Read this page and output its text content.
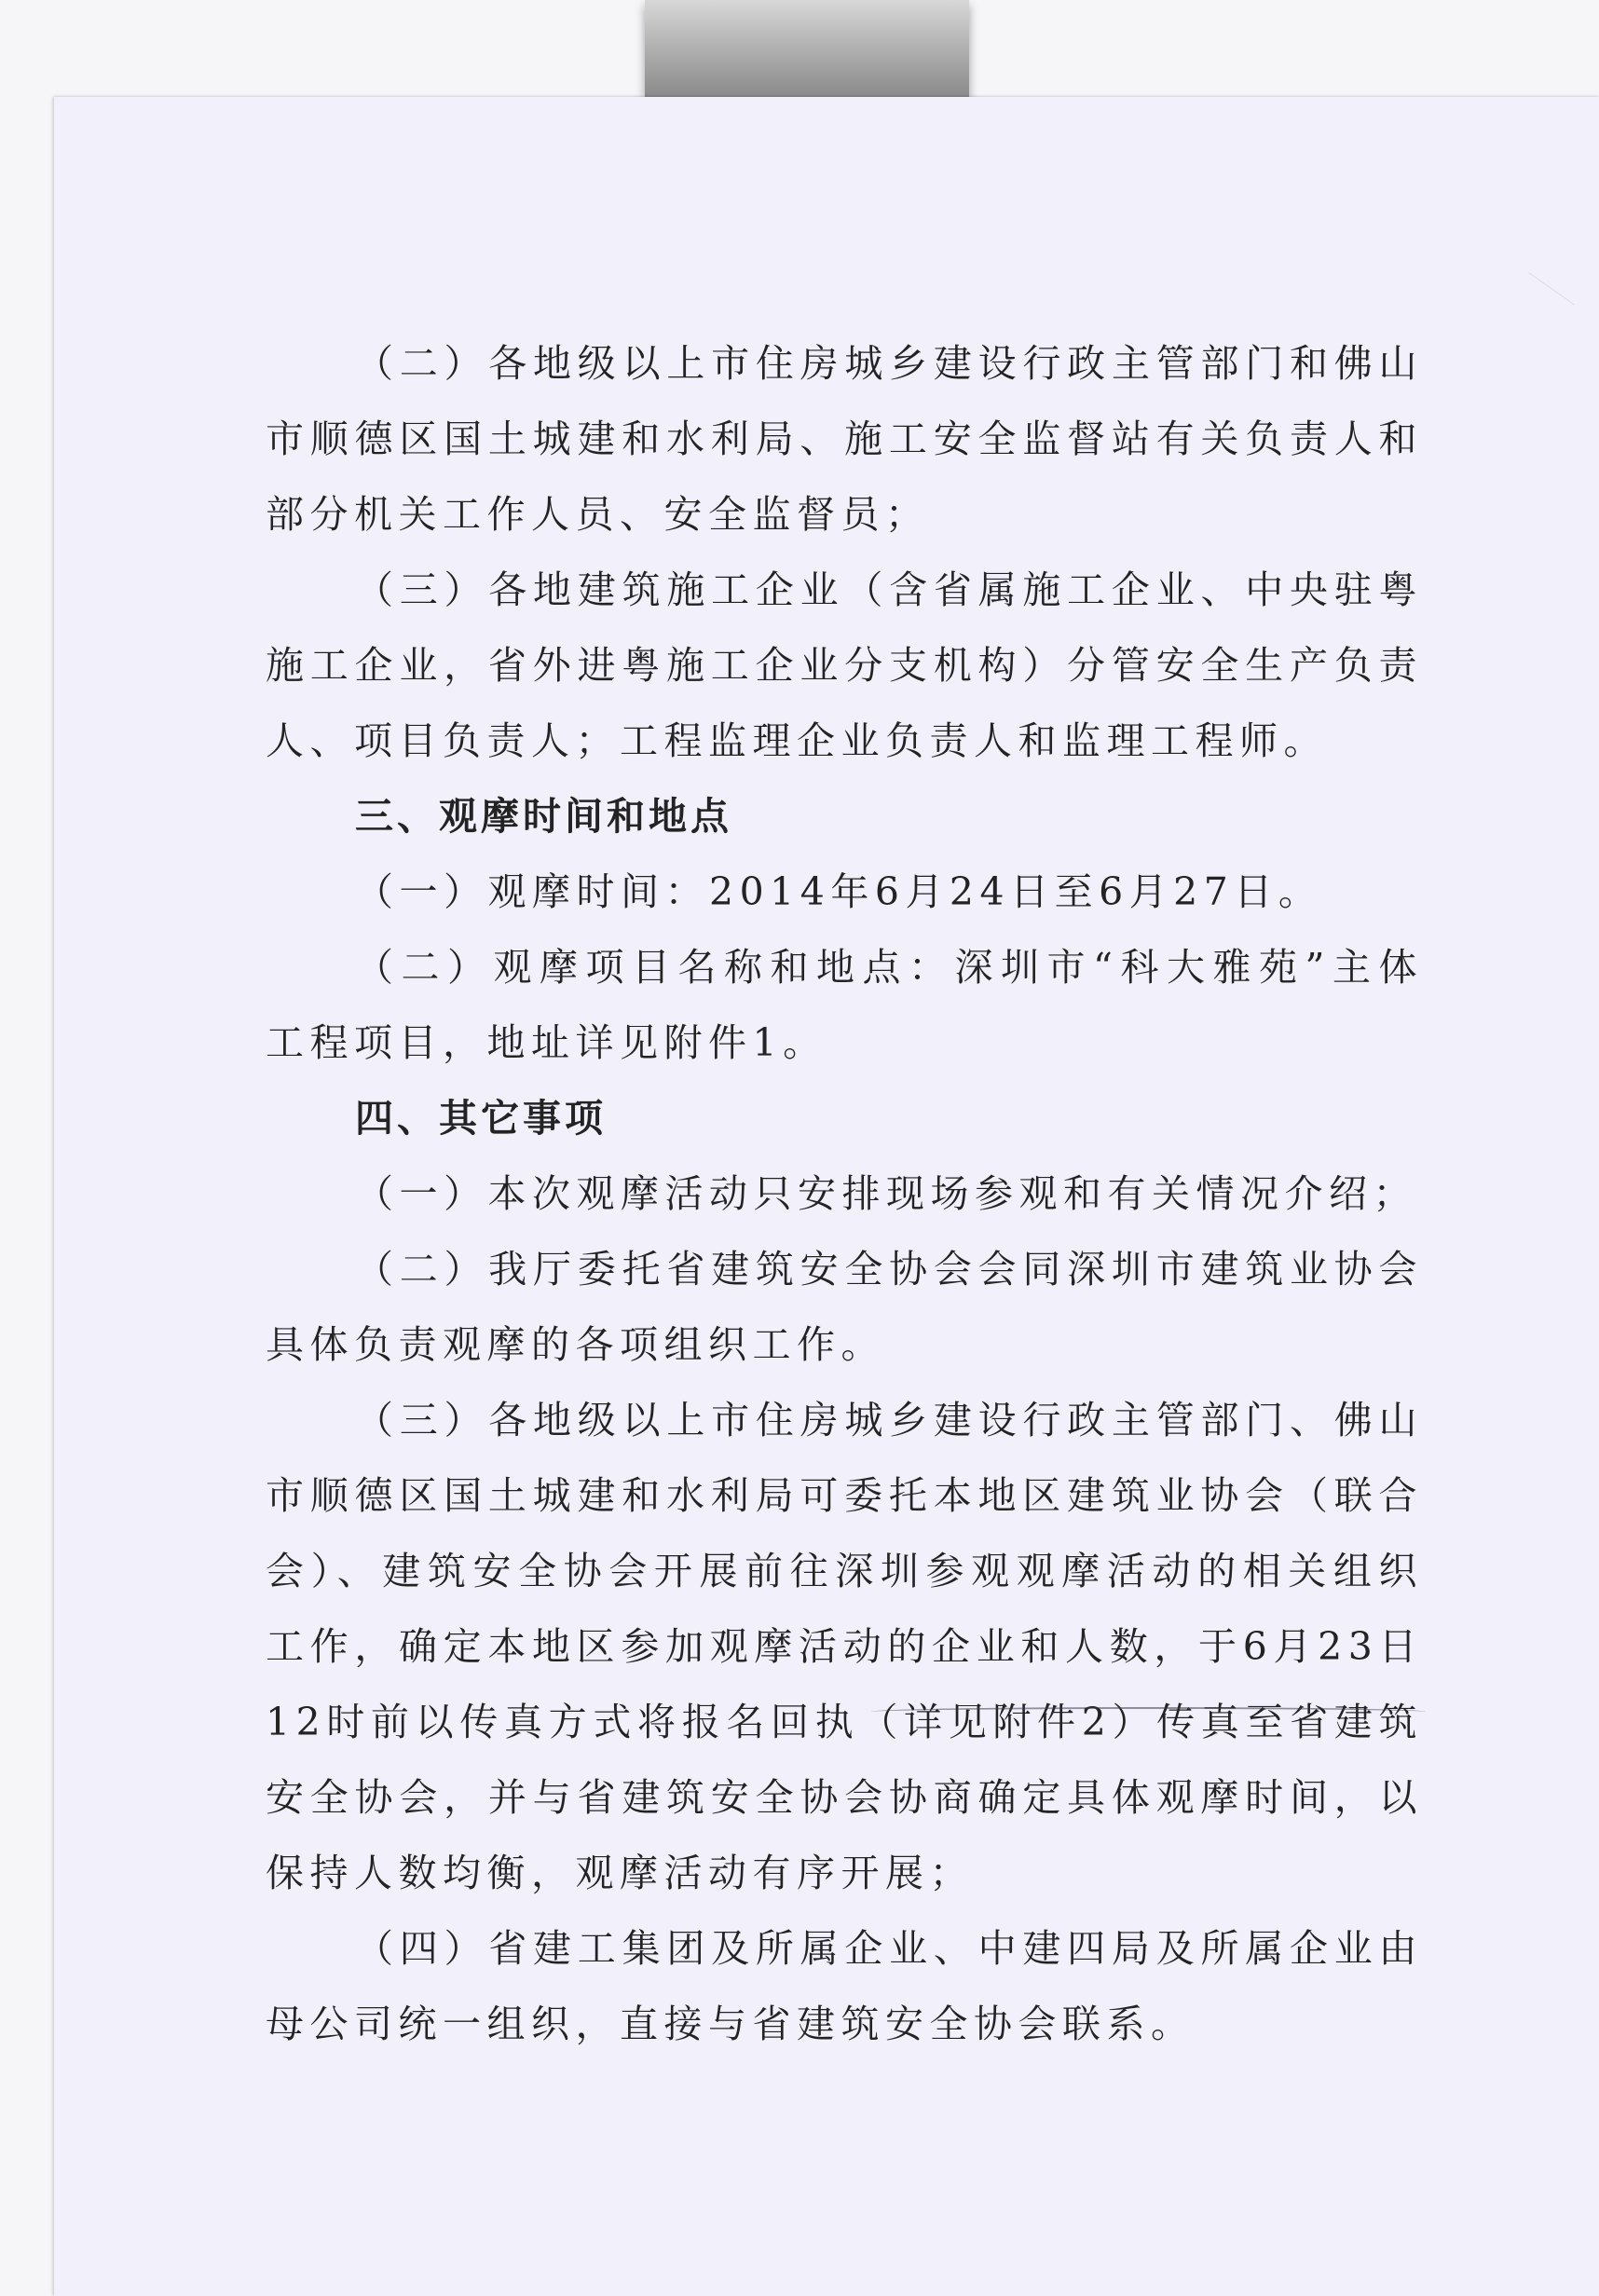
（二）各地级以上市住房城乡建设行政主管部门和佛山市顺德区国土城建和水利局、施工安全监督站有关负责人和部分机关工作人员、安全监督员；

（三）各地建筑施工企业（含省属施工企业、中央驻粤施工企业，省外进粤施工企业分支机构）分管安全生产负责人、项目负责人；工程监理企业负责人和监理工程师。

三、观摩时间和地点

（一）观摩时间：2014年6月24日至6月27日。

（二）观摩项目名称和地点：深圳市“科大雅苑”主体工程项目，地址详见附件1。

四、其它事项

（一）本次观摩活动只安排现场参观和有关情况介绍；

（二）我厅委托省建筑安全协会会同深圳市建筑业协会具体负责观摩的各项组织工作。

（三）各地级以上市住房城乡建设行政主管部门、佛山市顺德区国土城建和水利局可委托本地区建筑业协会（联合会）、建筑安全协会开展前往深圳参观观摩活动的相关组织工作，确定本地区参加观摩活动的企业和人数，于6月23日12时前以传真方式将报名回执（详见附件2）传真至省建筑安全协会，并与省建筑安全协会协商确定具体观摩时间，以保持人数均衡，观摩活动有序开展；

（四）省建工集团及所属企业、中建四局及所属企业由母公司统一组织，直接与省建筑安全协会联系。
